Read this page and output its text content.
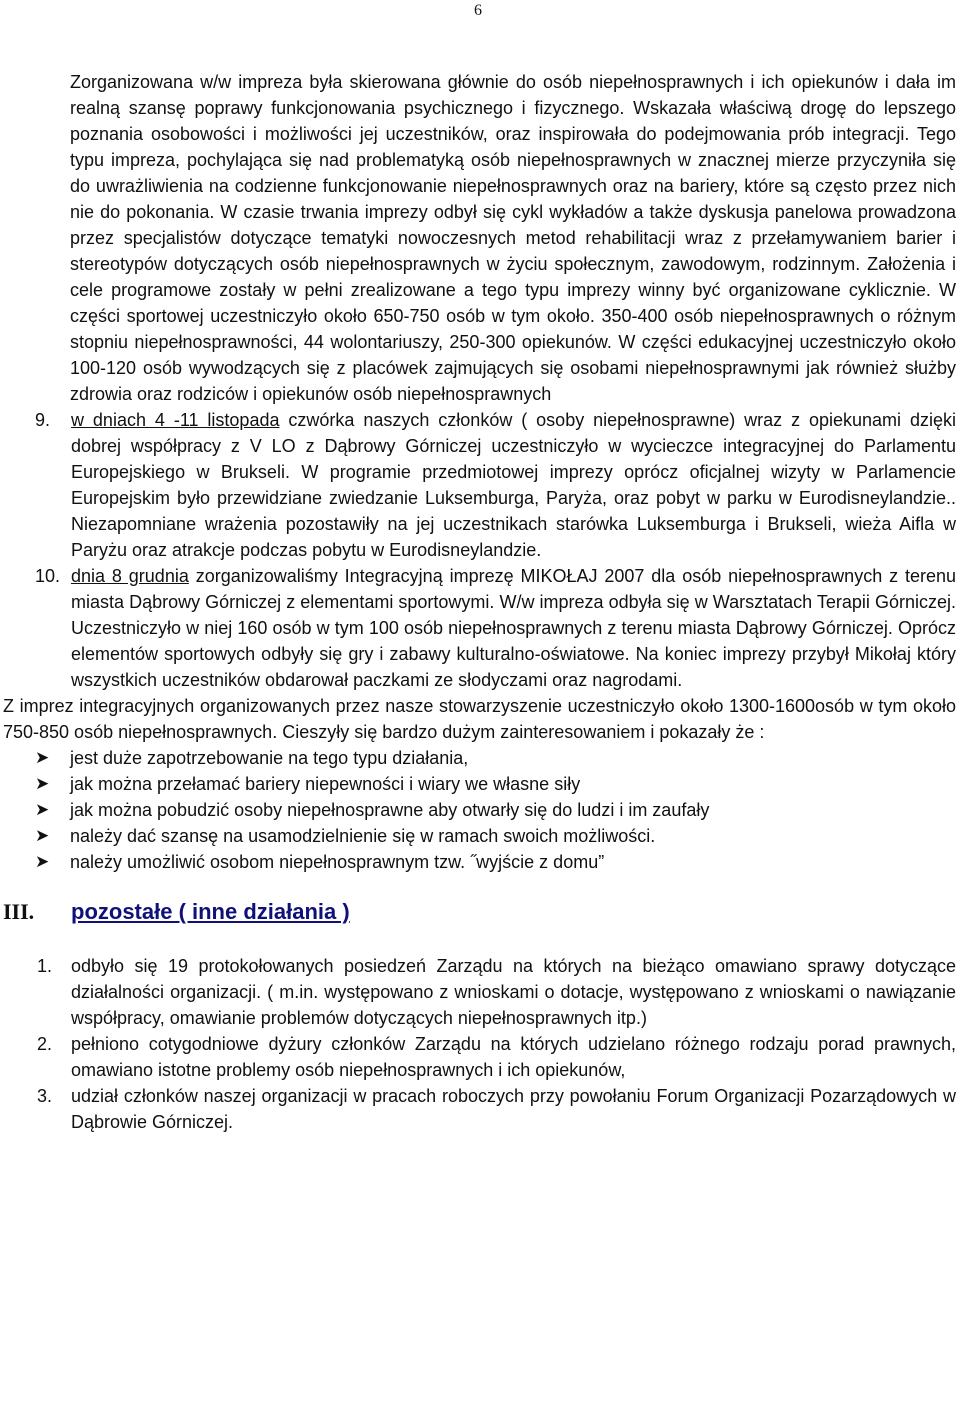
6

Zorganizowana w/w impreza była skierowana głównie do osób niepełnosprawnych i ich opiekunów i dała im realną szansę poprawy funkcjonowania psychicznego i fizycznego. Wskazała właściwą drogę do lepszego poznania osobowości i możliwości jej uczestników, oraz inspirowała do podejmowania prób integracji. Tego typu impreza, pochylająca się nad problematyką osób niepełnosprawnych w znacznej mierze przyczyniła się do uwrażliwienia na codzienne funkcjonowanie niepełnosprawnych oraz na bariery, które są często przez nich nie do pokonania. W czasie trwania imprezy odbył się cykl wykładów a także dyskusja panelowa prowadzona przez specjalistów dotyczące tematyki nowoczesnych metod rehabilitacji wraz z przełamywaniem barier i stereotypów dotyczących osób niepełnosprawnych w życiu społecznym, zawodowym, rodzinnym. Założenia i cele programowe zostały w pełni zrealizowane a tego typu imprezy winny być organizowane cyklicznie. W części sportowej uczestniczyło około 650-750 osób w tym około. 350-400 osób niepełnosprawnych o różnym stopniu niepełnosprawności, 44 wolontariuszy, 250-300 opiekunów. W części edukacyjnej uczestniczyło około 100-120 osób wywodzących się z placówek zajmujących się osobami niepełnosprawnymi jak również służby zdrowia oraz rodziców i opiekunów osób niepełnosprawnych

9.	w dniach 4 -11 listopada czwórka naszych członków ( osoby niepełnosprawne) wraz z opiekunami dzięki dobrej współpracy z V LO z Dąbrowy Górniczej uczestniczyło w wycieczce integracyjnej do Parlamentu Europejskiego w Brukseli. W programie przedmiotowej imprezy oprócz oficjalnej wizyty w Parlamencie Europejskim było przewidziane zwiedzanie Luksemburga, Paryża, oraz pobyt w parku w Eurodisneylandzie.. Niezapomniane wrażenia pozostawiły na jej uczestnikach starówka Luksemburga i Brukseli, wieża Aifla w Paryżu oraz atrakcje podczas pobytu w Eurodisneylandzie.

10. dnia 8 grudnia zorganizowaliśmy Integracyjną imprezę MIKOŁAJ 2007 dla osób niepełnosprawnych z terenu miasta Dąbrowy Górniczej z elementami sportowymi. W/w impreza odbyła się w Warsztatach Terapii Górniczej. Uczestniczyło w niej 160 osób w tym 100 osób niepełnosprawnych z terenu miasta Dąbrowy Górniczej. Oprócz elementów sportowych odbyły się gry i zabawy kulturalno-oświatowe. Na koniec imprezy przybył Mikołaj który wszystkich uczestników obdarował paczkami ze słodyczami oraz nagrodami.

Z imprez integracyjnych organizowanych przez nasze stowarzyszenie uczestniczyło około 1300-1600osób w tym około 750-850 osób niepełnosprawnych. Cieszyły się bardzo dużym zainteresowaniem i pokazały że :

➤	jest duże zapotrzebowanie na tego typu działania,
➤	jak można przełamać bariery niepewności i wiary we własne siły
➤	jak można pobudzić osoby niepełnosprawne aby otwarły się do ludzi i im zaufały
➤	należy dać szansę na usamodzielnienie się w ramach swoich możliwości.
➤	należy umożliwić osobom niepełnosprawnym tzw. ˝wyjście z domu”
III.	pozostałe ( inne działania )
1.	odbyło się 19 protokołowanych posiedzeń Zarządu na których na bieżąco omawiano sprawy dotyczące działalności organizacji. ( m.in. występowano z wnioskami o dotacje, występowano z wnioskami o nawiązanie współpracy, omawianie problemów dotyczących niepełnosprawnych itp.)

2.	pełniono cotygodniowe dyżury członków Zarządu na których udzielano różnego rodzaju porad prawnych, omawiano istotne problemy osób niepełnosprawnych i ich opiekunów,

3.	udział członków naszej organizacji w pracach roboczych przy powołaniu Forum Organizacji Pozarządowych w Dąbrowie Górniczej.
